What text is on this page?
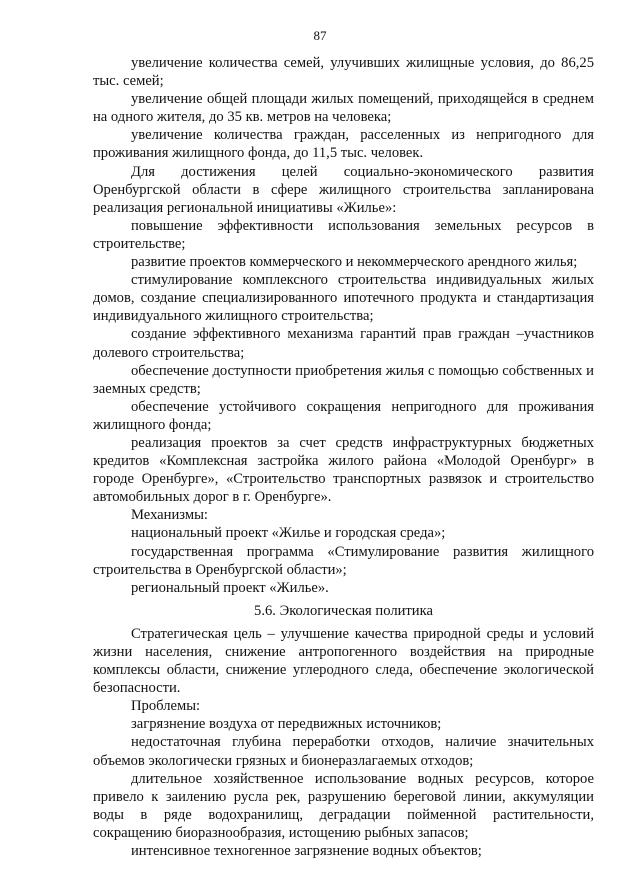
87

увеличение количества семей, улучивших жилищные условия, до 86,25 тыс. семей;

увеличение общей площади жилых помещений, приходящейся в среднем на одного жителя, до 35 кв. метров на человека;

увеличение количества граждан, расселенных из непригодного для проживания жилищного фонда, до 11,5 тыс. человек.

Для достижения целей социально-экономического развития Оренбургской области в сфере жилищного строительства запланирована реализация региональной инициативы «Жилье»:

повышение эффективности использования земельных ресурсов в строительстве;

развитие проектов коммерческого и некоммерческого арендного жилья;

стимулирование комплексного строительства индивидуальных жилых домов, создание специализированного ипотечного продукта и стандартизация индивидуального жилищного строительства;

создание эффективного механизма гарантий прав граждан –участников долевого строительства;

обеспечение доступности приобретения жилья с помощью собственных и заемных средств;

обеспечение устойчивого сокращения непригодного для проживания жилищного фонда;

реализация проектов за счет средств инфраструктурных бюджетных кредитов «Комплексная застройка жилого района «Молодой Оренбург» в городе Оренбурге», «Строительство транспортных развязок и строительство автомобильных дорог в г. Оренбурге».

Механизмы:

национальный проект «Жилье и городская среда»;

государственная программа «Стимулирование развития жилищного строительства в Оренбургской области»;

региональный проект «Жилье».

5.6. Экологическая политика

Стратегическая цель – улучшение качества природной среды и условий жизни населения, снижение антропогенного воздействия на природные комплексы области, снижение углеродного следа, обеспечение экологической безопасности.

Проблемы:

загрязнение воздуха от передвижных источников;

недостаточная глубина переработки отходов, наличие значительных объемов экологически грязных и бионеразлагаемых отходов;

длительное хозяйственное использование водных ресурсов, которое привело к заилению русла рек, разрушению береговой линии, аккумуляции воды в ряде водохранилищ, деградации пойменной растительности, сокращению биоразнообразия, истощению рыбных запасов;

интенсивное техногенное загрязнение водных объектов;
